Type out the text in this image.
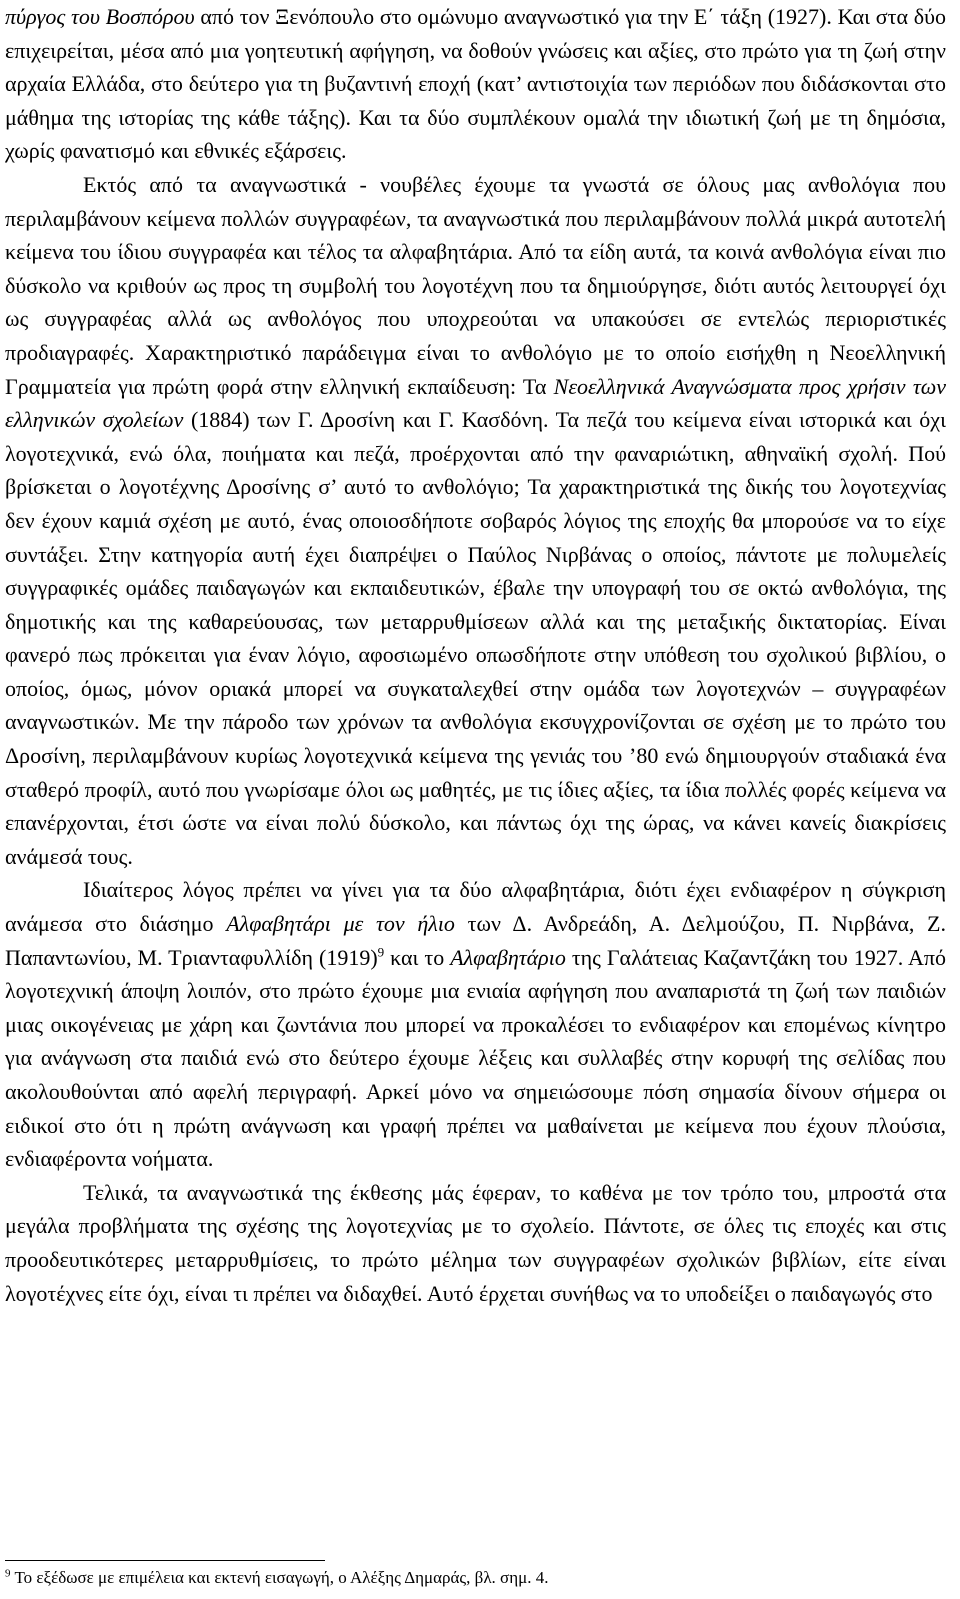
πύργος του Βοσπόρου από τον Ξενόπουλο στο ομώνυμο αναγνωστικό για την Ε΄ τάξη (1927). Και στα δύο επιχειρείται, μέσα από μια γοητευτική αφήγηση, να δοθούν γνώσεις και αξίες, στο πρώτο για τη ζωή στην αρχαία Ελλάδα, στο δεύτερο για τη βυζαντινή εποχή (κατ’ αντιστοιχία των περιόδων που διδάσκονται στο μάθημα της ιστορίας της κάθε τάξης). Και τα δύο συμπλέκουν ομαλά την ιδιωτική ζωή με τη δημόσια, χωρίς φανατισμό και εθνικές εξάρσεις.

Εκτός από τα αναγνωστικά - νουβέλες έχουμε τα γνωστά σε όλους μας ανθολόγια που περιλαμβάνουν κείμενα πολλών συγγραφέων, τα αναγνωστικά που περιλαμβάνουν πολλά μικρά αυτοτελή κείμενα του ίδιου συγγραφέα και τέλος τα αλφαβητάρια. Από τα είδη αυτά, τα κοινά ανθολόγια είναι πιο δύσκολο να κριθούν ως προς τη συμβολή του λογοτέχνη που τα δημιούργησε, διότι αυτός λειτουργεί όχι ως συγγραφέας αλλά ως ανθολόγος που υποχρεούται να υπακούσει σε εντελώς περιοριστικές προδιαγραφές. Χαρακτηριστικό παράδειγμα είναι το ανθολόγιο με το οποίο εισήχθη η Νεοελληνική Γραμματεία για πρώτη φορά στην ελληνική εκπαίδευση: Τα Νεοελληνικά Αναγνώσματα προς χρήσιν των ελληνικών σχολείων (1884) των Γ. Δροσίνη και Γ. Κασδόνη. Τα πεζά του κείμενα είναι ιστορικά και όχι λογοτεχνικά, ενώ όλα, ποιήματα και πεζά, προέρχονται από την φαναριώτικη, αθηναϊκή σχολή. Πού βρίσκεται ο λογοτέχνης Δροσίνης σ’ αυτό το ανθολόγιο; Τα χαρακτηριστικά της δικής του λογοτεχνίας δεν έχουν καμιά σχέση με αυτό, ένας οποιοσδήποτε σοβαρός λόγιος της εποχής θα μπορούσε να το είχε συντάξει. Στην κατηγορία αυτή έχει διαπρέψει ο Παύλος Νιρβάνας ο οποίος, πάντοτε με πολυμελείς συγγραφικές ομάδες παιδαγωγών και εκπαιδευτικών, έβαλε την υπογραφή του σε οκτώ ανθολόγια, της δημοτικής και της καθαρεύουσας, των μεταρρυθμίσεων αλλά και της μεταξικής δικτατορίας. Είναι φανερό πως πρόκειται για έναν λόγιο, αφοσιωμένο οπωσδήποτε στην υπόθεση του σχολικού βιβλίου, ο οποίος, όμως, μόνον οριακά μπορεί να συγκαταλεχθεί στην ομάδα των λογοτεχνών – συγγραφέων αναγνωστικών. Με την πάροδο των χρόνων τα ανθολόγια εκσυγχρονίζονται σε σχέση με το πρώτο του Δροσίνη, περιλαμβάνουν κυρίως λογοτεχνικά κείμενα της γενιάς του ’80 ενώ δημιουργούν σταδιακά ένα σταθερό προφίλ, αυτό που γνωρίσαμε όλοι ως μαθητές, με τις ίδιες αξίες, τα ίδια πολλές φορές κείμενα να επανέρχονται, έτσι ώστε να είναι πολύ δύσκολο, και πάντως όχι της ώρας, να κάνει κανείς διακρίσεις ανάμεσά τους.

Ιδιαίτερος λόγος πρέπει να γίνει για τα δύο αλφαβητάρια, διότι έχει ενδιαφέρον η σύγκριση ανάμεσα στο διάσημο Αλφαβητάρι με τον ήλιο των Δ. Ανδρεάδη, Α. Δελμούζου, Π. Νιρβάνα, Ζ. Παπαντωνίου, Μ. Τριανταφυλλίδη $(1919)^9$ και το Αλφαβητάριο της Γαλάτειας Καζαντζάκη του 1927. Από λογοτεχνική άποψη λοιπόν, στο πρώτο έχουμε μια ενιαία αφήγηση που αναπαριστά τη ζωή των παιδιών μιας οικογένειας με χάρη και ζωντάνια που μπορεί να προκαλέσει το ενδιαφέρον και επομένως κίνητρο για ανάγνωση στα παιδιά ενώ στο δεύτερο έχουμε λέξεις και συλλαβές στην κορυφή της σελίδας που ακολουθούνται από αφελή περιγραφή. Αρκεί μόνο να σημειώσουμε πόση σημασία δίνουν σήμερα οι ειδικοί στο ότι η πρώτη ανάγνωση και γραφή πρέπει να μαθαίνεται με κείμενα που έχουν πλούσια, ενδιαφέροντα νοήματα.

Τελικά, τα αναγνωστικά της έκθεσης μάς έφεραν, το καθένα με τον τρόπο του, μπροστά στα μεγάλα προβλήματα της σχέσης της λογοτεχνίας με το σχολείο. Πάντοτε, σε όλες τις εποχές και στις προοδευτικότερες μεταρρυθμίσεις, το πρώτο μέλημα των συγγραφέων σχολικών βιβλίων, είτε είναι λογοτέχνες είτε όχι, είναι τι πρέπει να διδαχθεί. Αυτό έρχεται συνήθως να το υποδείξει ο παιδαγωγός στο

$^9$ Το εξέδωσε με επιμέλεια και εκτενή εισαγωγή, ο Αλέξης Δημαράς, βλ. σημ. 4.
